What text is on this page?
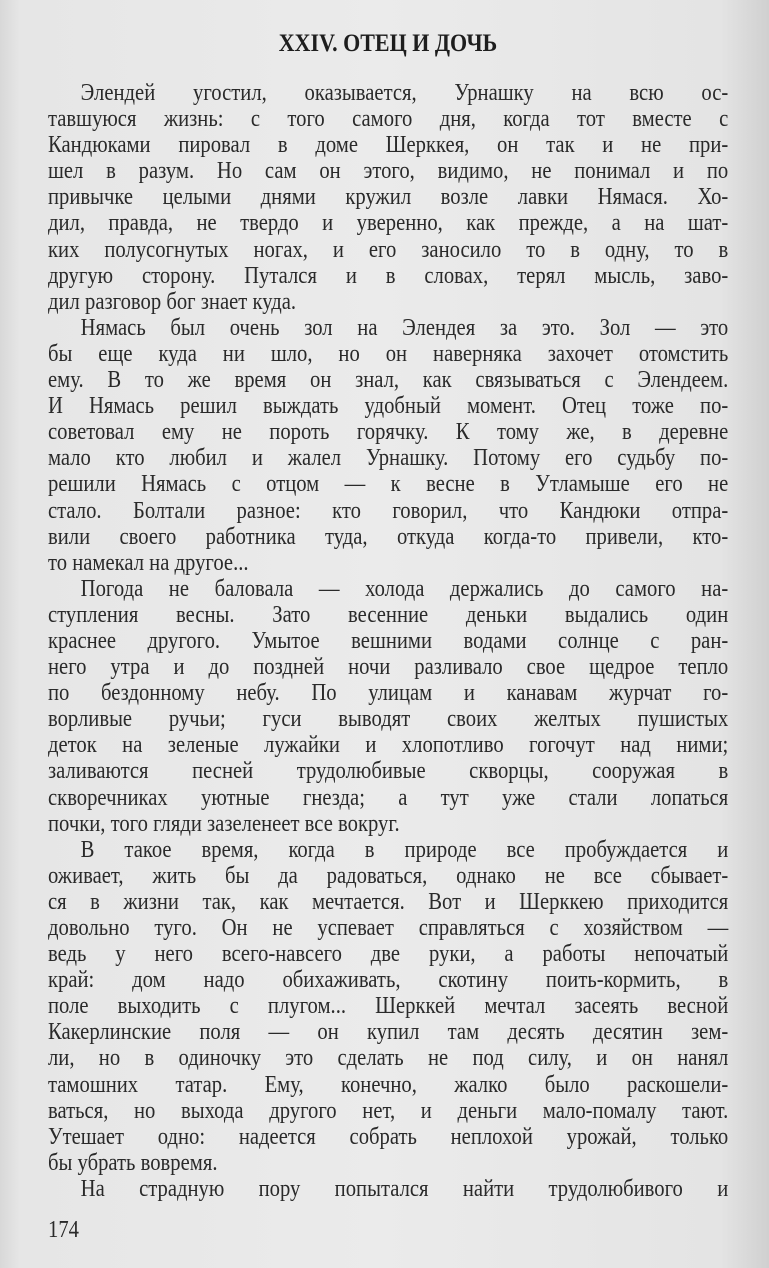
XXIV. ОТЕЦ И ДОЧЬ
Элендей угостил, оказывается, Урнашку на всю ос-
тавшуюся жизнь: с того самого дня, когда тот вместе с
Кандюками пировал в доме Шерккея, он так и не при-
шел в разум. Но сам он этого, видимо, не понимал и по
привычке целыми днями кружил возле лавки Нямася. Хо-
дил, правда, не твердо и уверенно, как прежде, а на шат-
ких полусогнутых ногах, и его заносило то в одну, то в
другую сторону. Путался и в словах, терял мысль, заво-
дил разговор бог знает куда.
Нямась был очень зол на Элендея за это. Зол — это
бы еще куда ни шло, но он наверняка захочет отомстить
ему. В то же время он знал, как связываться с Элендеем.
И Нямась решил выждать удобный момент. Отец тоже по-
советовал ему не пороть горячку. К тому же, в деревне
мало кто любил и жалел Урнашку. Потому его судьбу по-
решили Нямась с отцом — к весне в Утламыше его не
стало. Болтали разное: кто говорил, что Кандюки отпра-
вили своего работника туда, откуда когда-то привели, кто-
то намекал на другое...
Погода не баловала — холода держались до самого на-
ступления весны. Зато весенние деньки выдались один
краснее другого. Умытое вешними водами солнце с ран-
него утра и до поздней ночи разливало свое щедрое тепло
по бездонному небу. По улицам и канавам журчат го-
ворливые ручьи; гуси выводят своих желтых пушистых
деток на зеленые лужайки и хлопотливо гогочут над ними;
заливаются песней трудолюбивые скворцы, сооружая в
скворечниках уютные гнезда; а тут уже стали лопаться
почки, того гляди зазеленеет все вокруг.
В такое время, когда в природе все пробуждается и
оживает, жить бы да радоваться, однако не все сбывает-
ся в жизни так, как мечтается. Вот и Шерккею приходится
довольно туго. Он не успевает справляться с хозяйством —
ведь у него всего-навсего две руки, а работы непочатый
край: дом надо обихаживать, скотину поить-кормить, в
поле выходить с плугом... Шерккей мечтал засеять весной
Какерлинские поля — он купил там десять десятин зем-
ли, но в одиночку это сделать не под силу, и он нанял
тамошних татар. Ему, конечно, жалко было раскошели-
ваться, но выхода другого нет, и деньги мало-помалу тают.
Утешает одно: надеется собрать неплохой урожай, только
бы убрать вовремя.
На страдную пору попытался найти трудолюбивого и
174
